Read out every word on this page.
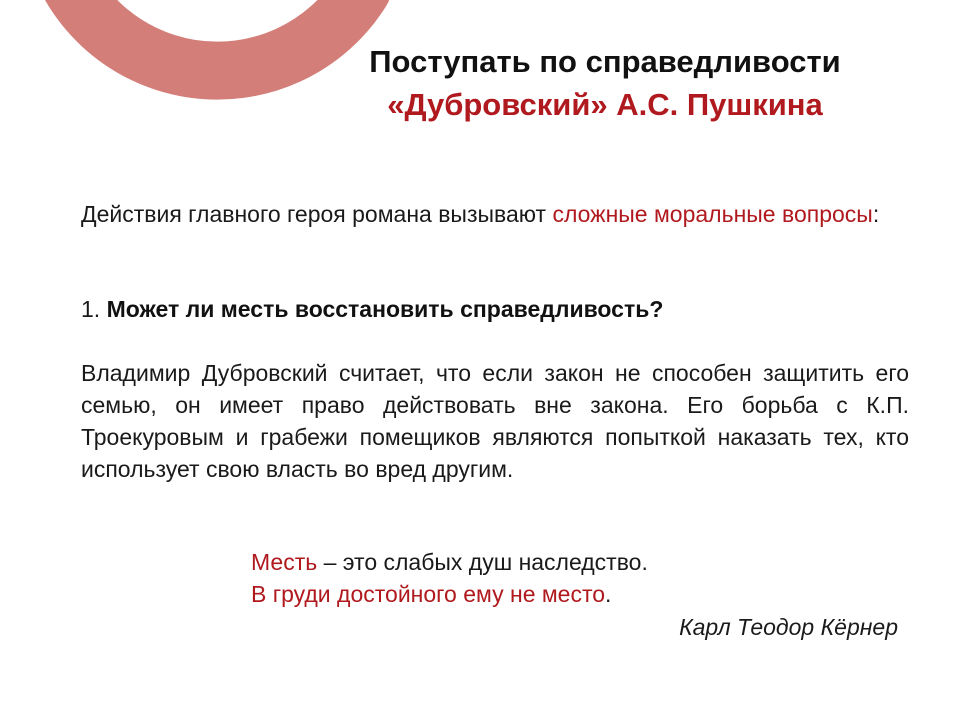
Поступать по справедливости
«Дубровский» А.С. Пушкина
Действия главного героя романа вызывают сложные моральные вопросы:
1. Может ли месть восстановить справедливость?
Владимир Дубровский считает, что если закон не способен защитить его семью, он имеет право действовать вне закона. Его борьба с К.П. Троекуровым и грабежи помещиков являются попыткой наказать тех, кто использует свою власть во вред другим.
Месть – это слабых душ наследство.
В груди достойного ему не место.
Карл Теодор Кёрнер
